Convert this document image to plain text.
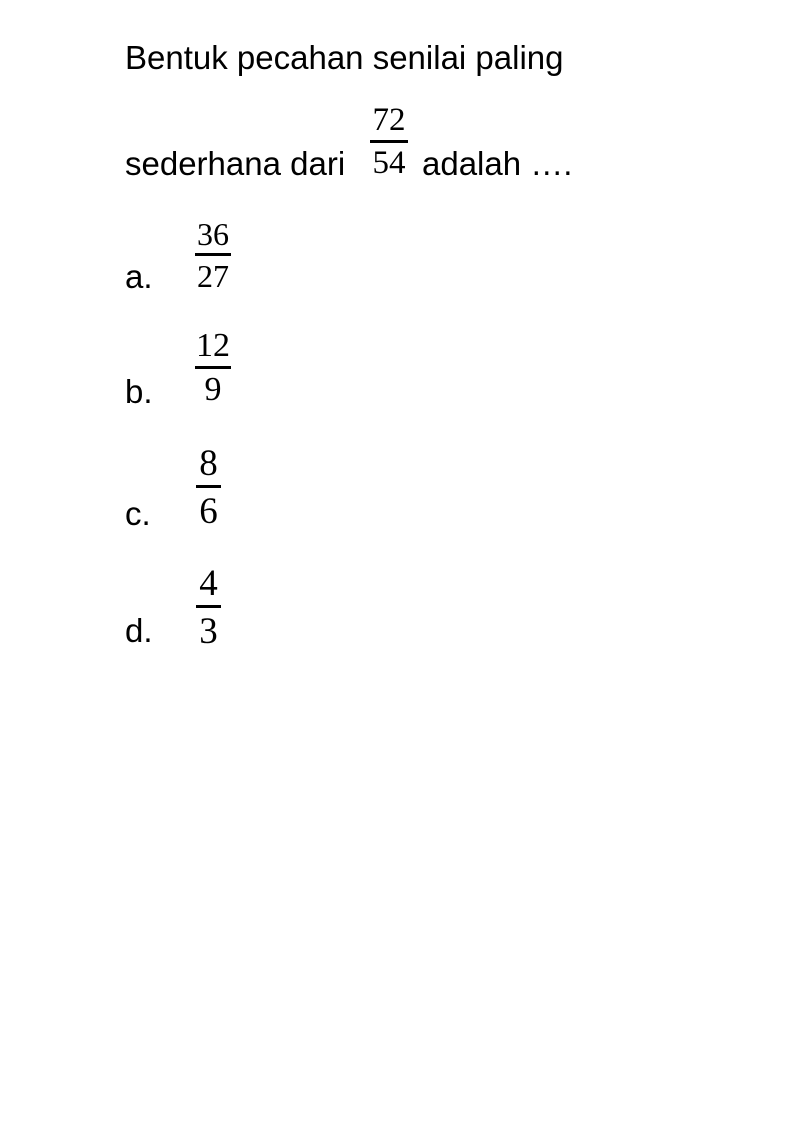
Bentuk pecahan senilai paling
sederhana dari
72
54 adalah ….
a.
36
27
b.
12
9
c.
8
6
d.
4
3
